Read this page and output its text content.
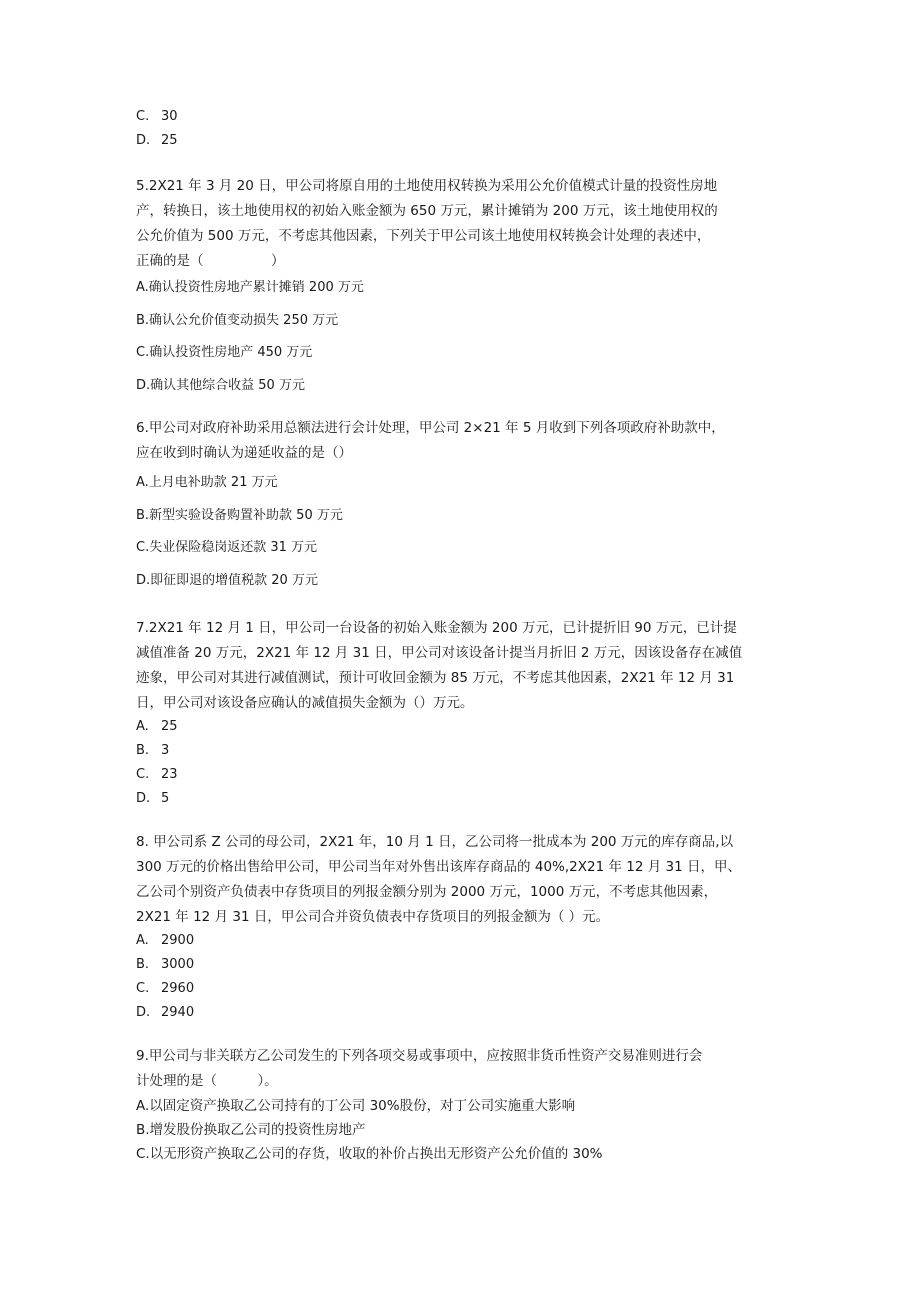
C. 30
D. 25
5.2X21 年 3 月 20 日，甲公司将原自用的土地使用权转换为采用公允价值模式计量的投资性房地
产，转换日，该土地使用权的初始入账金额为 650 万元，累计摊销为 200 万元，该土地使用权的
公允价值为 500 万元，不考虑其他因素，下列关于甲公司该土地使用权转换会计处理的表述中，
正确的是（　　　　　）
A.确认投资性房地产累计摊销 200 万元
B.确认公允价值变动损失 250 万元
C.确认投资性房地产 450 万元
D.确认其他综合收益 50 万元
6.甲公司对政府补助采用总额法进行会计处理，甲公司 2×21 年 5 月收到下列各项政府补助款中，
应在收到时确认为递延收益的是（）
A.上月电补助款 21 万元
B.新型实验设备购置补助款 50 万元
C.失业保险稳岗返还款 31 万元
D.即征即退的增值税款 20 万元
7.2X21 年 12 月 1 日，甲公司一台设备的初始入账金额为 200 万元，已计提折旧 90 万元，已计提
减值准备 20 万元，2X21 年 12 月 31 日，甲公司对该设备计提当月折旧 2 万元，因该设备存在减值
迹象，甲公司对其进行减值测试，预计可收回金额为 85 万元，不考虑其他因素，2X21 年 12 月 31
日，甲公司对该设备应确认的减值损失金额为（）万元。
A. 25
B. 3
C. 23
D. 5
8. 甲公司系 Z 公司的母公司，2X21 年，10 月 1 日，乙公司将一批成本为 200 万元的库存商品,以
300 万元的价格出售给甲公司，甲公司当年对外售出该库存商品的 40%,2X21 年 12 月 31 日，甲、
乙公司个别资产负债表中存货项目的列报金额分别为 2000 万元，1000 万元，不考虑其他因素，
2X21 年 12 月 31 日，甲公司合并资负债表中存货项目的列报金额为（ ）元。
A. 2900
B. 3000
C. 2960
D. 2940
9.甲公司与非关联方乙公司发生的下列各项交易或事项中，应按照非货币性资产交易准则进行会
计处理的是（　　　）。
A.以固定资产换取乙公司持有的丁公司 30%股份，对丁公司实施重大影响
B.增发股份换取乙公司的投资性房地产
C.以无形资产换取乙公司的存货，收取的补价占换出无形资产公允价值的 30%
